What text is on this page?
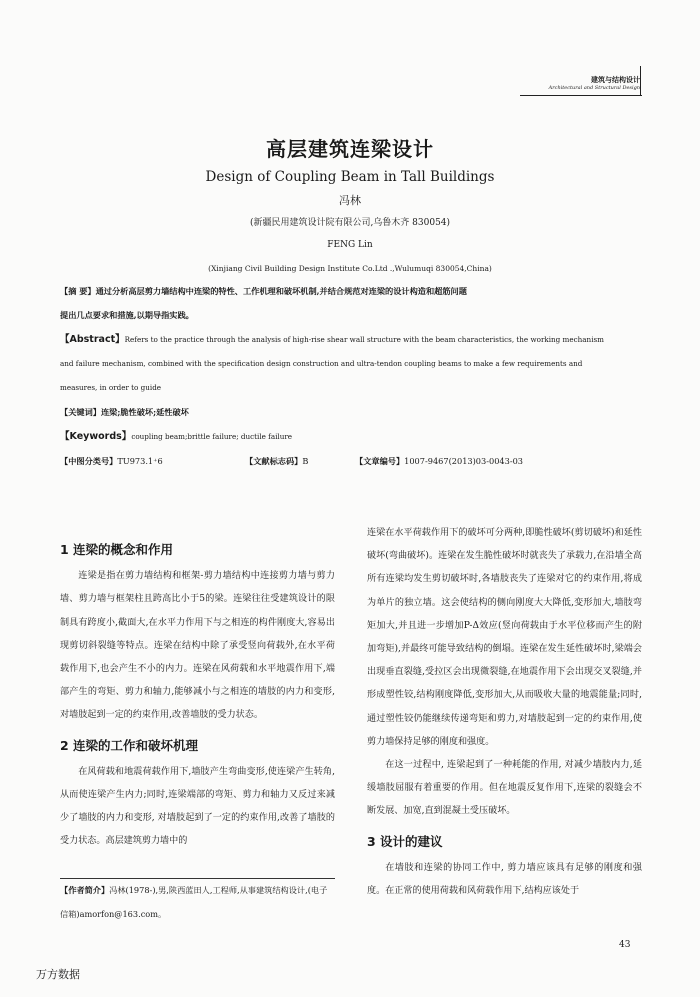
建筑与结构设计
Architectural and Structural Design
高层建筑连梁设计
Design of Coupling Beam in Tall Buildings
冯林
(新疆民用建筑设计院有限公司,乌鲁木齐 830054)
FENG Lin
(Xinjiang Civil Building Design Institute Co.Ltd .,Wulumuqi 830054,China)
【摘 要】通过分析高层剪力墙结构中连梁的特性、工作机理和破坏机制,并结合规范对连梁的设计构造和超筋问题
提出几点要求和措施,以期导指实践。
【Abstract】Refers to the practice through the analysis of high-rise shear wall structure with the beam characteristics, the working mechanism
and failure mechanism, combined with the specification design construction and ultra-tendon coupling beams to make a few requirements and
measures, in order to guide
【关键词】连梁;脆性破坏;延性破坏
【Keywords】coupling beam;brittle failure; ductile failure
【中图分类号】TU973.1⁺6	【文献标志码】B	【文章编号】1007-9467(2013)03-0043-03
1 连梁的概念和作用

连梁是指在剪力墙结构和框架-剪力墙结构中连接剪力墙与剪力墙、剪力墙与框架柱且跨高比小于5的梁。连梁往往受建筑设计的限制具有跨度小,截面大,在水平力作用下与之相连的构件刚度大,容易出现剪切斜裂缝等特点。连梁在结构中除了承受竖向荷载外,在水平荷载作用下,也会产生不小的内力。连梁在风荷载和水平地震作用下,端部产生的弯矩、剪力和轴力,能够减小与之相连的墙肢的内力和变形,对墙肢起到一定的约束作用,改善墙肢的受力状态。

2 连梁的工作和破坏机理

在风荷载和地震荷载作用下,墙肢产生弯曲变形,使连梁产生转角,从而使连梁产生内力;同时,连梁端部的弯矩、剪力和轴力又反过来减少了墙肢的内力和变形, 对墙肢起到了一定的约束作用,改善了墙肢的受力状态。高层建筑剪力墙中的

【作者简介】冯林(1978-),男,陕西蓝田人,工程师,从事建筑结构设计,(电子信箱)amorfon@163.com。

连梁在水平荷载作用下的破坏可分两种,即脆性破坏(剪切破坏)和延性破坏(弯曲破坏)。连梁在发生脆性破坏时就丧失了承载力,在沿墙全高所有连梁均发生剪切破坏时,各墙肢丧失了连梁对它的约束作用,将成为单片的独立墙。这会使结构的侧向刚度大大降低,变形加大,墙肢弯矩加大,并且进一步增加P-Δ效应(竖向荷载由于水平位移而产生的附加弯矩),并最终可能导致结构的倒塌。连梁在发生延性破坏时,梁端会出现垂直裂缝,受拉区会出现微裂缝,在地震作用下会出现交叉裂缝,并形成塑性铰,结构刚度降低,变形加大,从而吸收大量的地震能量;同时,通过塑性铰仍能继续传递弯矩和剪力,对墙肢起到一定的约束作用,使剪力墙保持足够的刚度和强度。

在这一过程中, 连梁起到了一种耗能的作用, 对减少墙肢内力,延缓墙肢屈服有着重要的作用。但在地震反复作用下,连梁的裂缝会不断发展、加宽,直到混凝土受压破坏。

3 设计的建议

在墙肢和连梁的协同工作中, 剪力墙应该具有足够的刚度和强度。在正常的使用荷载和风荷载作用下,结构应该处于

43
万方数据
